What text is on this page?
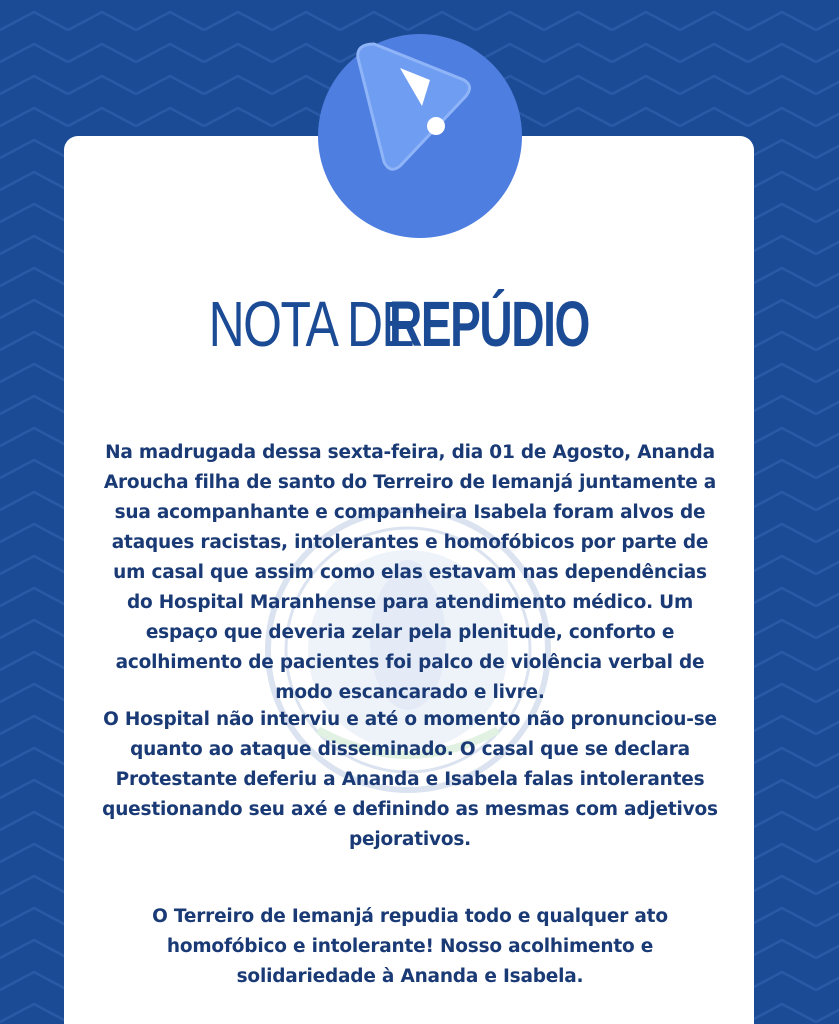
NOTA DE REPÚDIO

Na madrugada dessa sexta-feira, dia 01 de Agosto, Ananda Aroucha filha de santo do Terreiro de Iemanjá juntamente a sua acompanhante e companheira Isabela foram alvos de ataques racistas, intolerantes e homofóbicos por parte de um casal que assim como elas estavam nas dependências do Hospital Maranhense para atendimento médico. Um espaço que deveria zelar pela plenitude, conforto e acolhimento de pacientes foi palco de violência verbal de modo escancarado e livre.

O Hospital não interviu e até o momento não pronunciou-se quanto ao ataque disseminado. O casal que se declara Protestante deferiu a Ananda e Isabela falas intolerantes questionando seu axé e definindo as mesmas com adjetivos pejorativos.

O Terreiro de Iemanjá repudia todo e qualquer ato homofóbico e intolerante! Nosso acolhimento e solidariedade à Ananda e Isabela.
